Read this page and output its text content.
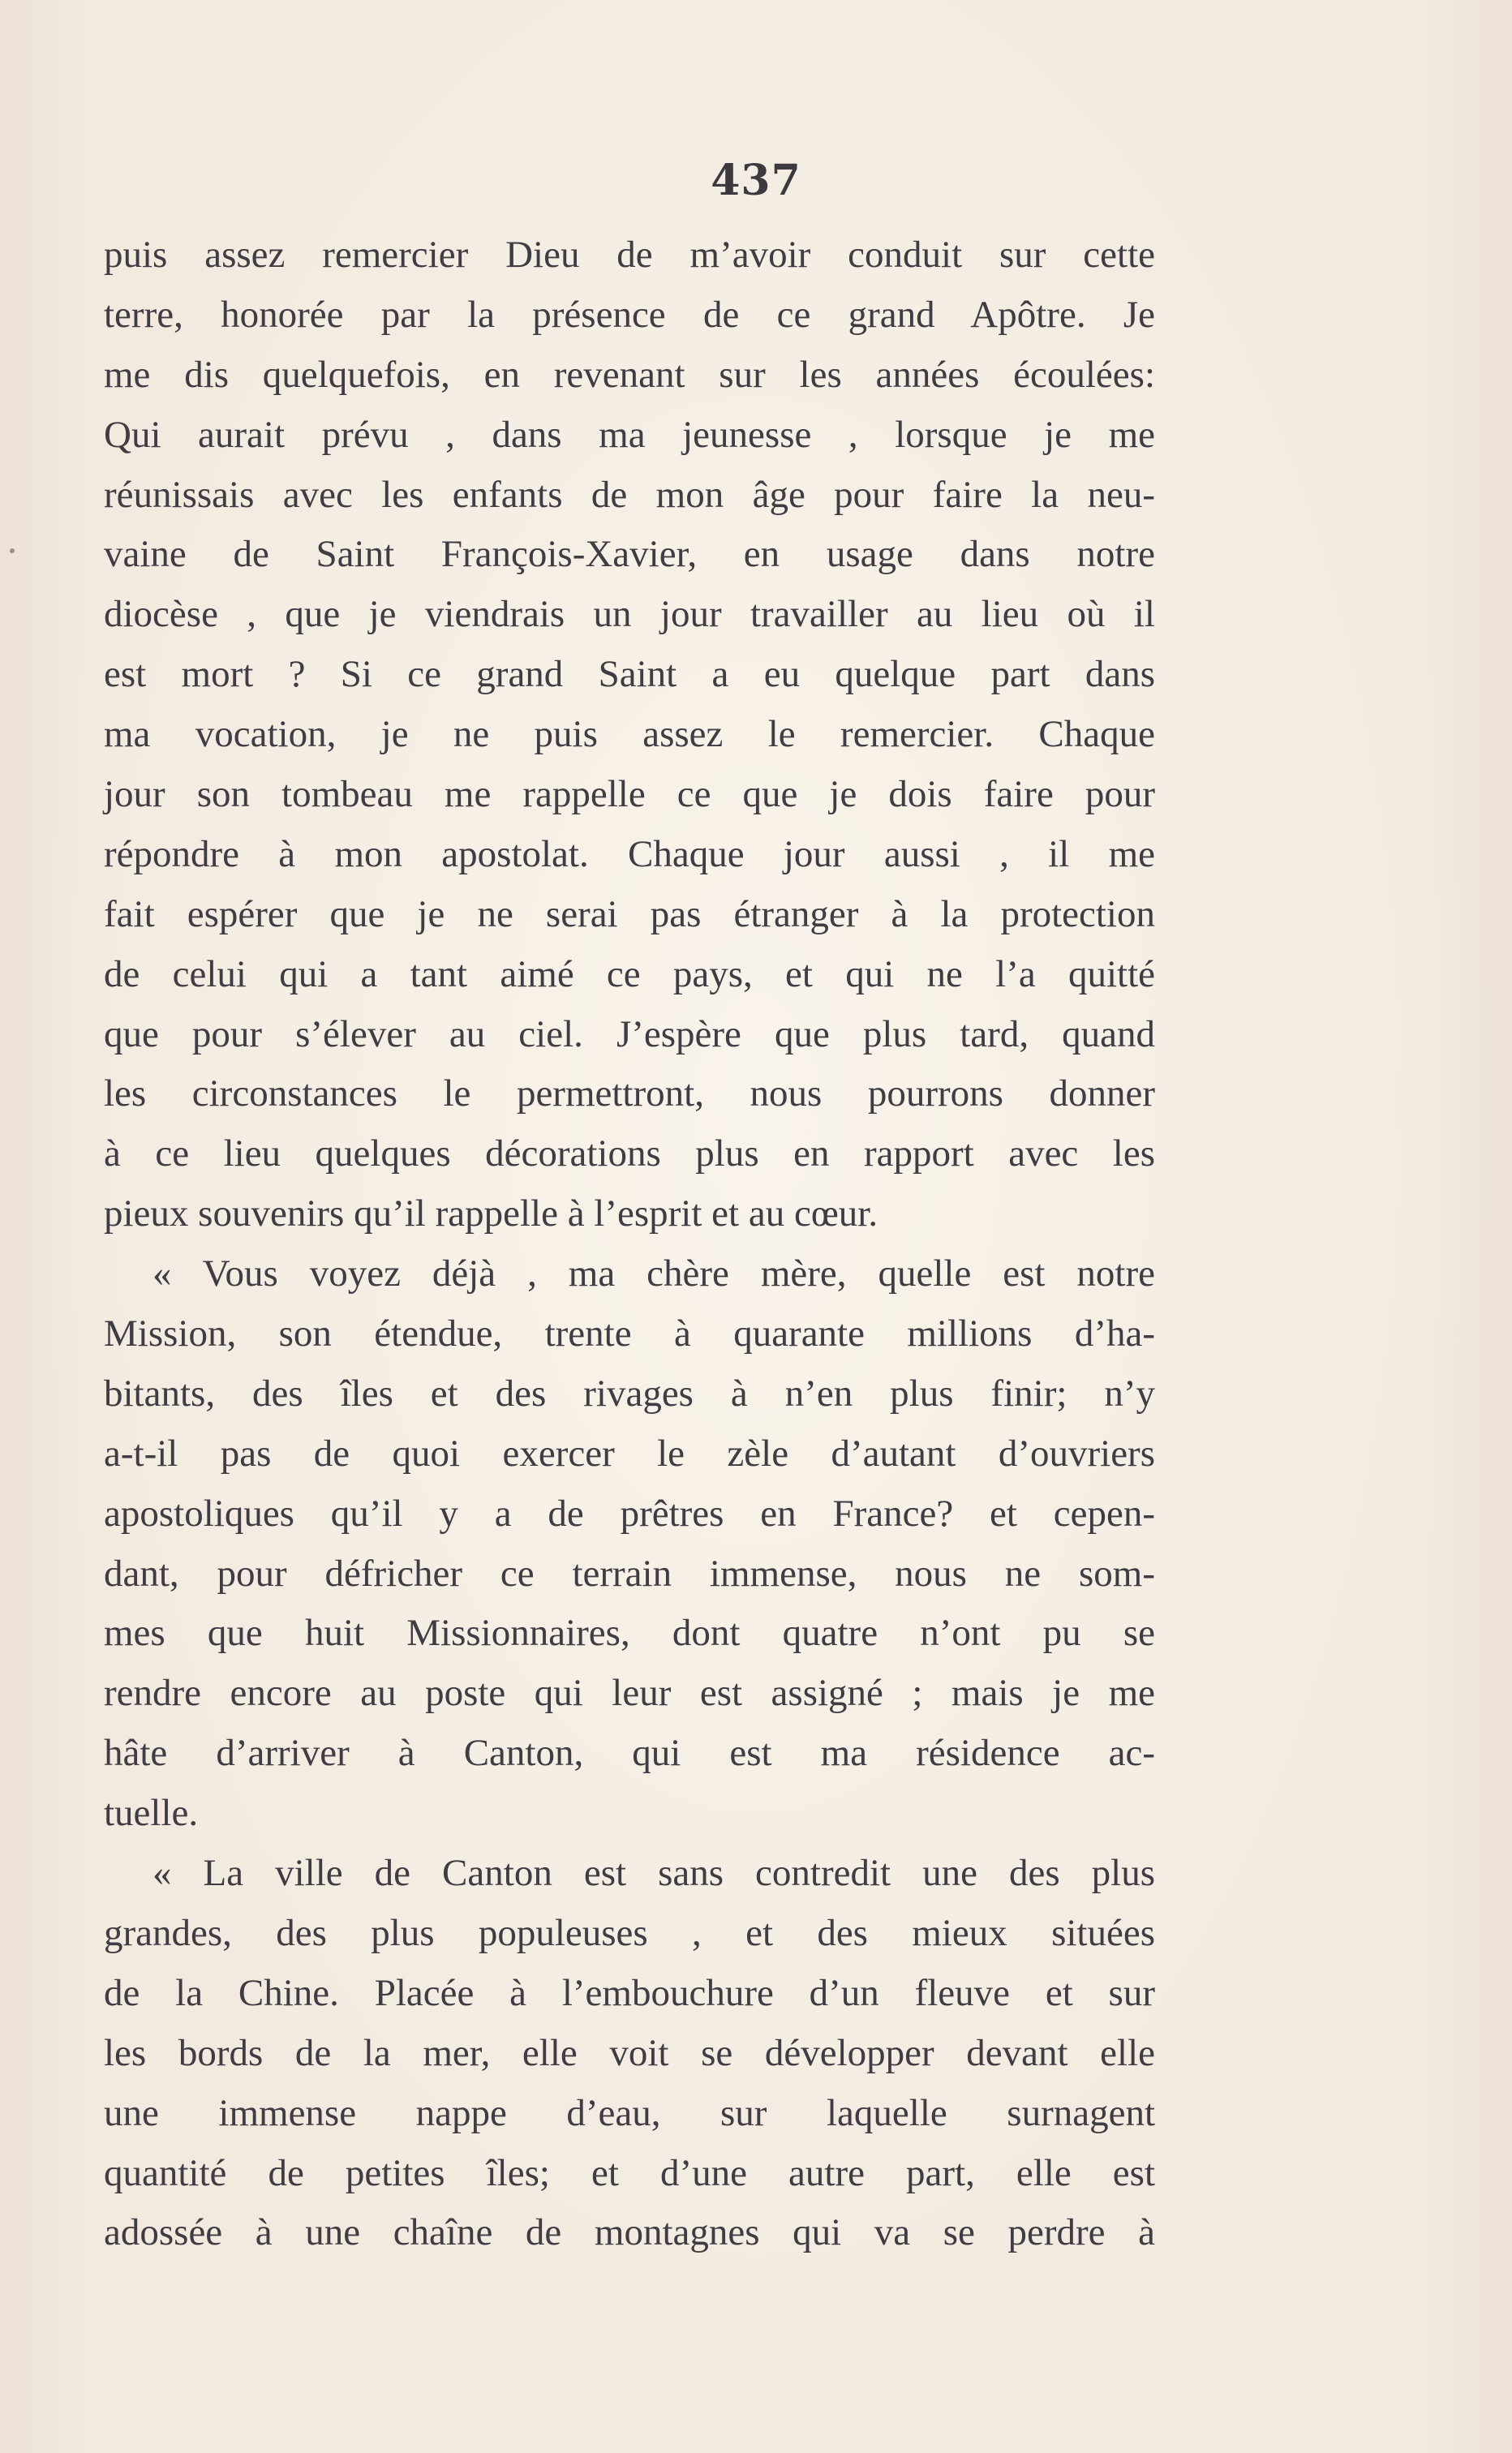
437
puis assez remercier Dieu de m’avoir conduit sur cette
terre, honorée par la présence de ce grand Apôtre. Je
me dis quelquefois, en revenant sur les années écoulées:
Qui aurait prévu , dans ma jeunesse , lorsque je me
réunissais avec les enfants de mon âge pour faire la neu-
vaine de Saint François-Xavier, en usage dans notre
diocèse , que je viendrais un jour travailler au lieu où il
est mort ? Si ce grand Saint a eu quelque part dans
ma vocation, je ne puis assez le remercier. Chaque
jour son tombeau me rappelle ce que je dois faire pour
répondre à mon apostolat. Chaque jour aussi , il me
fait espérer que je ne serai pas étranger à la protection
de celui qui a tant aimé ce pays, et qui ne l’a quitté
que pour s’élever au ciel. J’espère que plus tard, quand
les circonstances le permettront, nous pourrons donner
à ce lieu quelques décorations plus en rapport avec les
pieux souvenirs qu’il rappelle à l’esprit et au cœur.
« Vous voyez déjà , ma chère mère, quelle est notre
Mission, son étendue, trente à quarante millions d’ha-
bitants, des îles et des rivages à n’en plus finir; n’y
a-t-il pas de quoi exercer le zèle d’autant d’ouvriers
apostoliques qu’il y a de prêtres en France? et cepen-
dant, pour défricher ce terrain immense, nous ne som-
mes que huit Missionnaires, dont quatre n’ont pu se
rendre encore au poste qui leur est assigné ; mais je me
hâte d’arriver à Canton, qui est ma résidence ac-
tuelle.
« La ville de Canton est sans contredit une des plus
grandes, des plus populeuses , et des mieux situées
de la Chine. Placée à l’embouchure d’un fleuve et sur
les bords de la mer, elle voit se développer devant elle
une immense nappe d’eau, sur laquelle surnagent
quantité de petites îles; et d’une autre part, elle est
adossée à une chaîne de montagnes qui va se perdre à
